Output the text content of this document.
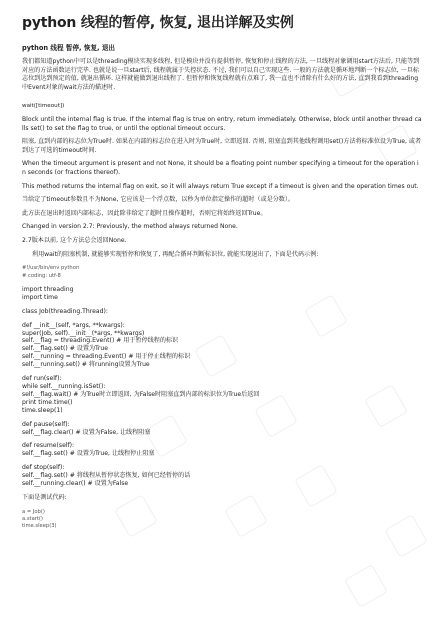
python 线程的暂停, 恢复, 退出详解及实例
python 线程 暂停, 恢复, 退出

我们都知道python中可以是threading模块实现多线程, 但是模块并没有提供暂停, 恢复和停止线程的方法, 一旦线程对象调用start方法后, 只能等到对应的方法函数运行完毕. 也就是说一旦start后, 线程就属于失控状态. 不过, 我们可以自己实现这些. 一般的方法就是循环地判断一个标志位, 一旦标志位到达到预定的值, 就退出循环. 这样就能做到退出线程了. 但暂停和恢复线程就有点难了, 我一直也不清除有什么好的方法, 直到我看到threading中Event对象的wait方法的描述时.

wait([timeout])

Block until the internal flag is true. If the internal flag is true on entry, return immediately. Otherwise, block until another thread calls set() to set the flag to true, or until the optional timeout occurs.

阻塞, 直到内部的标志位为True时. 如果在内部的标志位在进入时为True时, 立即返回. 否则, 阻塞直到其他线程调用set()方法将标准位设为True, 或者到达了可选的timeout时间.

When the timeout argument is present and not None, it should be a floating point number specifying a timeout for the operation in seconds (or fractions thereof).

This method returns the internal flag on exit, so it will always return True except if a timeout is given and the operation times out.

当给定了timeout参数且不为None, 它应该是一个浮点数，以秒为单位指定操作的超时（或是分数）。

此方法在退出时返回内部标志，因此除非给定了超时且操作超时，否则它将始终返回True。

Changed in version 2.7: Previously, the method always returned None.

2.7版本以前, 这个方法总会返回None.

利用wait的阻塞机制, 就能够实现暂停和恢复了, 再配合循环判断标识位, 就能实现退出了, 下面是代码示例:

#!/usr/bin/env python

# coding: utf-8

import threading

import time

class Job(threading.Thread):

def __init__(self, *args, **kwargs):

super(Job, self).__init__(*args, **kwargs)

self.__flag = threading.Event() # 用于暂停线程的标识

self.__flag.set() # 设置为True

self.__running = threading.Event() # 用于停止线程的标识

self.__running.set() # 将running设置为True

def run(self):

while self.__running.isSet():

self.__flag.wait() # 为True时立即返回, 为False时阻塞直到内部的标识位为True后返回

print time.time()

time.sleep(1)

def pause(self):

self.__flag.clear() # 设置为False, 让线程阻塞

def resume(self):

self.__flag.set() # 设置为True, 让线程停止阻塞

def stop(self):

self.__flag.set() # 将线程从暂停状态恢复, 如何已经暂停的话

self.__running.clear() # 设置为False

下面是测试代码:

a = Job()

a.start()

time.sleep(3)
